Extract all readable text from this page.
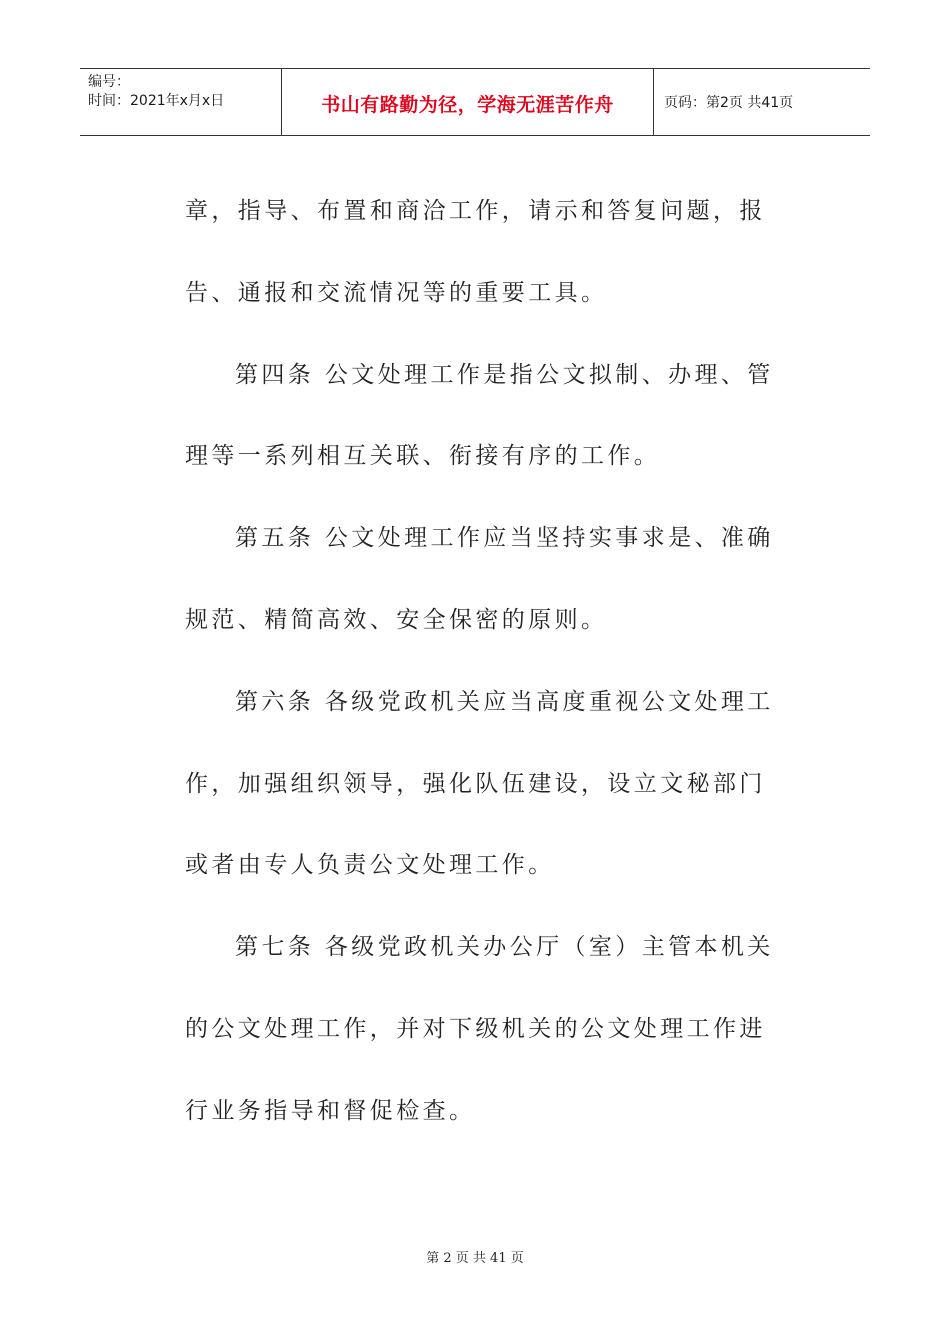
编号：
时间：2021年x月x日	书山有路勤为径，学海无涯苦作舟	页码：第2页 共41页
章，指导、布置和商洽工作，请示和答复问题，报
告、通报和交流情况等的重要工具。
第四条 公文处理工作是指公文拟制、办理、管
理等一系列相互关联、衔接有序的工作。
第五条 公文处理工作应当坚持实事求是、准确
规范、精简高效、安全保密的原则。
第六条 各级党政机关应当高度重视公文处理工
作，加强组织领导，强化队伍建设，设立文秘部门
或者由专人负责公文处理工作。
第七条 各级党政机关办公厅（室）主管本机关
的公文处理工作，并对下级机关的公文处理工作进
行业务指导和督促检查。
第 2 页 共 41 页
